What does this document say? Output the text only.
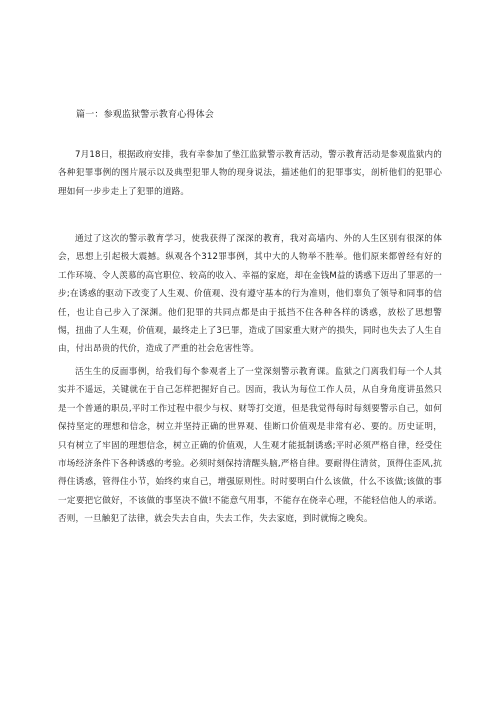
篇一：参观监狱警示教育心得体会

7月18日，根据政府安排，我有幸参加了垫江监狱警示教育活动，警示教育活动是参观监狱内的各种犯罪事例的图片展示以及典型犯罪人物的现身说法，描述他们的犯罪事实，剖析他们的犯罪心理如何一步步走上了犯罪的道路。

通过了这次的警示教育学习，使我获得了深深的教育，我对高墙内、外的人生区别有很深的体会，思想上引起极大震撼。纵观各个312罪事例，其中大的人物举不胜举。他们原来都曾经有好的工作环境、令人羡慕的高官职位、较高的收入、幸福的家庭，却在金钱M益的诱惑下迈出了罪恶的一步;在诱惑的驱动下改变了人生观、价值观、没有遵守基本的行为准则，他们辜负了领导和同事的信任，也让自己步入了深渊。他们犯罪的共同点都是由于抵挡不住各种各样的诱惑，放松了思想警惕，扭曲了人生观，价值观，最终走上了3巳罪，造成了国家重大财产的损失，同时也失去了人生自由，付出昂贵的代价，造成了严重的社会危害性等。

活生生的反面事例，给我们每个参观者上了一堂深刻警示教育课。监狱之门离我们每一个人其实并不遥远，关键就在于自己怎样把握好自己。因而，我认为每位工作人员，从自身角度讲虽然只是一个普通的职员,平时工作过程中很少与权、财等打交道，但是我觉得每时每刻要警示自己，如何保持坚定的理想和信念，树立并坚持正确的世界观、佳断口价值观是非常有必、要的。历史证明，只有树立了牢固的理想信念，树立正确的价值观，人生观才能抵制诱惑;平时必须严格自律，经受住市场经济条件下各种诱惑的考验。必须时刻保持清醒头脑,严格自律。要耐得住清贫，顶得住歪风,抗得住诱惑，管得住小节，始终约束自己，增强原则性。时时要明白什么该做，什么不该做;该做的事一定要把它做好，不该做的事坚决不做!不能意气用事，不能存在侥幸心理，不能轻信他人的承诺。否则，一旦触犯了法律，就会失去自由，失去工作，失去家庭，到时就悔之晚矣。
